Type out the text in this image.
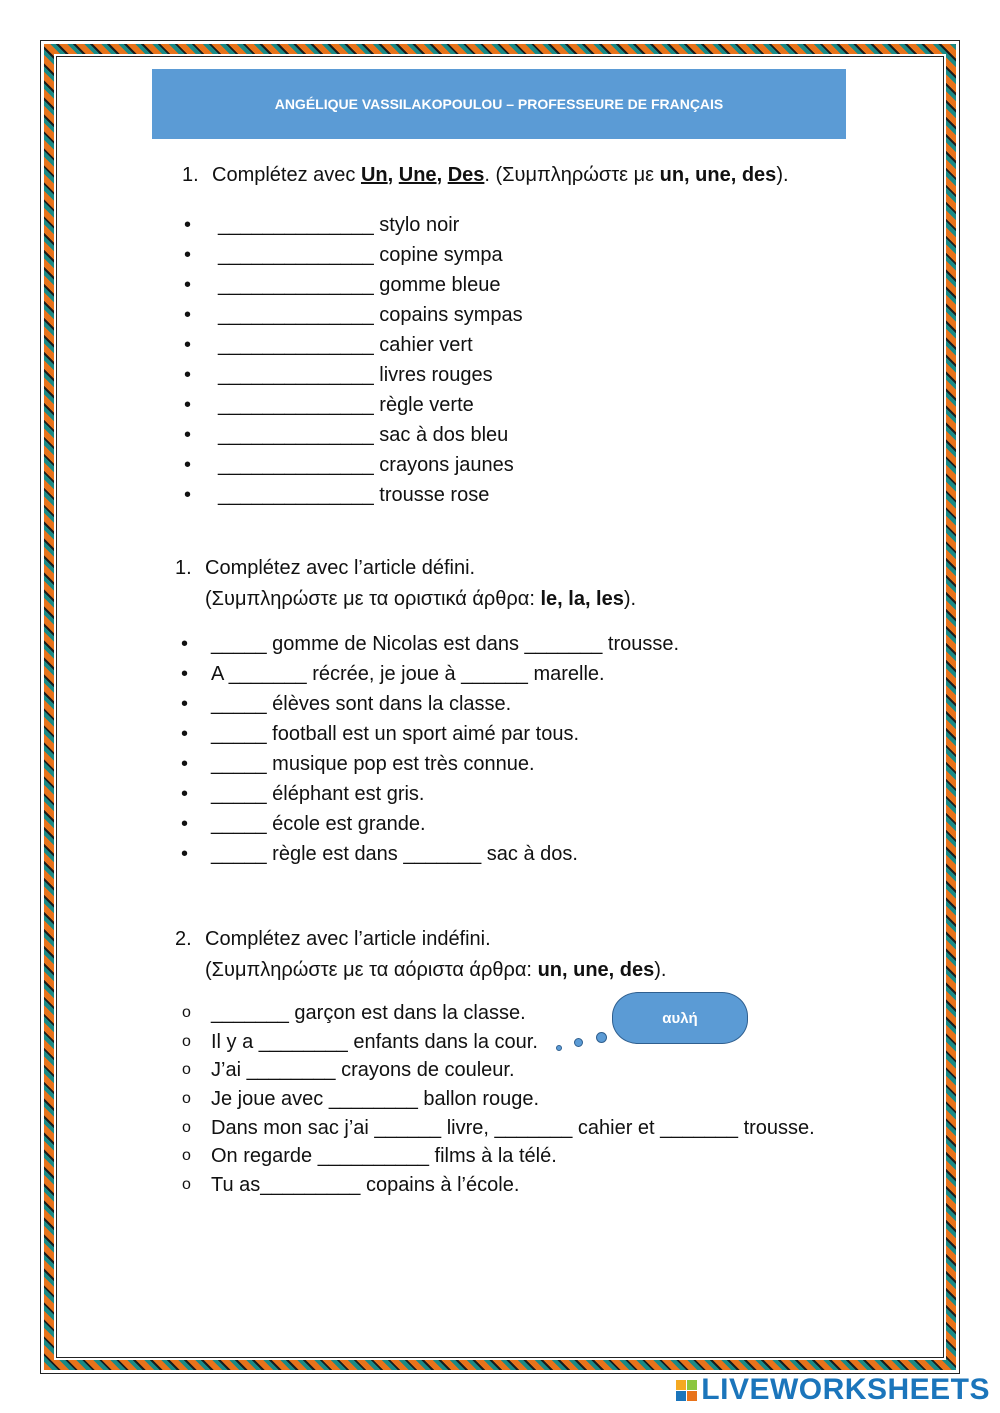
ANGÉLIQUE VASSILAKOPOULOU – PROFESSEURE DE FRANÇAIS
1. Complétez avec Un, Une, Des. (Συμπληρώστε με un, une, des).
• ______________ stylo noir
• ______________ copine sympa
• ______________ gomme bleue
• ______________ copains sympas
• ______________ cahier vert
• ______________ livres rouges
• ______________ règle verte
• ______________ sac à dos bleu
• ______________ crayons jaunes
• ______________ trousse rose
1. Complétez avec l’article défini.
(Συμπληρώστε με τα οριστικά άρθρα: le, la, les).
• _____ gomme de Nicolas est dans _______ trousse.
• A _______ récrée, je joue à ______ marelle.
• _____ élèves sont dans la classe.
• _____ football est un sport aimé par tous.
• _____ musique pop est très connue.
• _____ éléphant est gris.
• _____ école est grande.
• _____ règle est dans _______ sac à dos.
2. Complétez avec l’article indéfini.
(Συμπληρώστε με τα αόριστα άρθρα: un, une, des).
o _______ garçon est dans la classe.
o Il y a ________ enfants dans la cour.
o J’ai ________ crayons de couleur.
o Je joue avec ________ ballon rouge.
o Dans mon sac j’ai ______ livre, _______ cahier et _______ trousse.
o On regarde __________ films à la télé.
o Tu as_________ copains à l’école.
αυλή
LIVEWORKSHEETS
